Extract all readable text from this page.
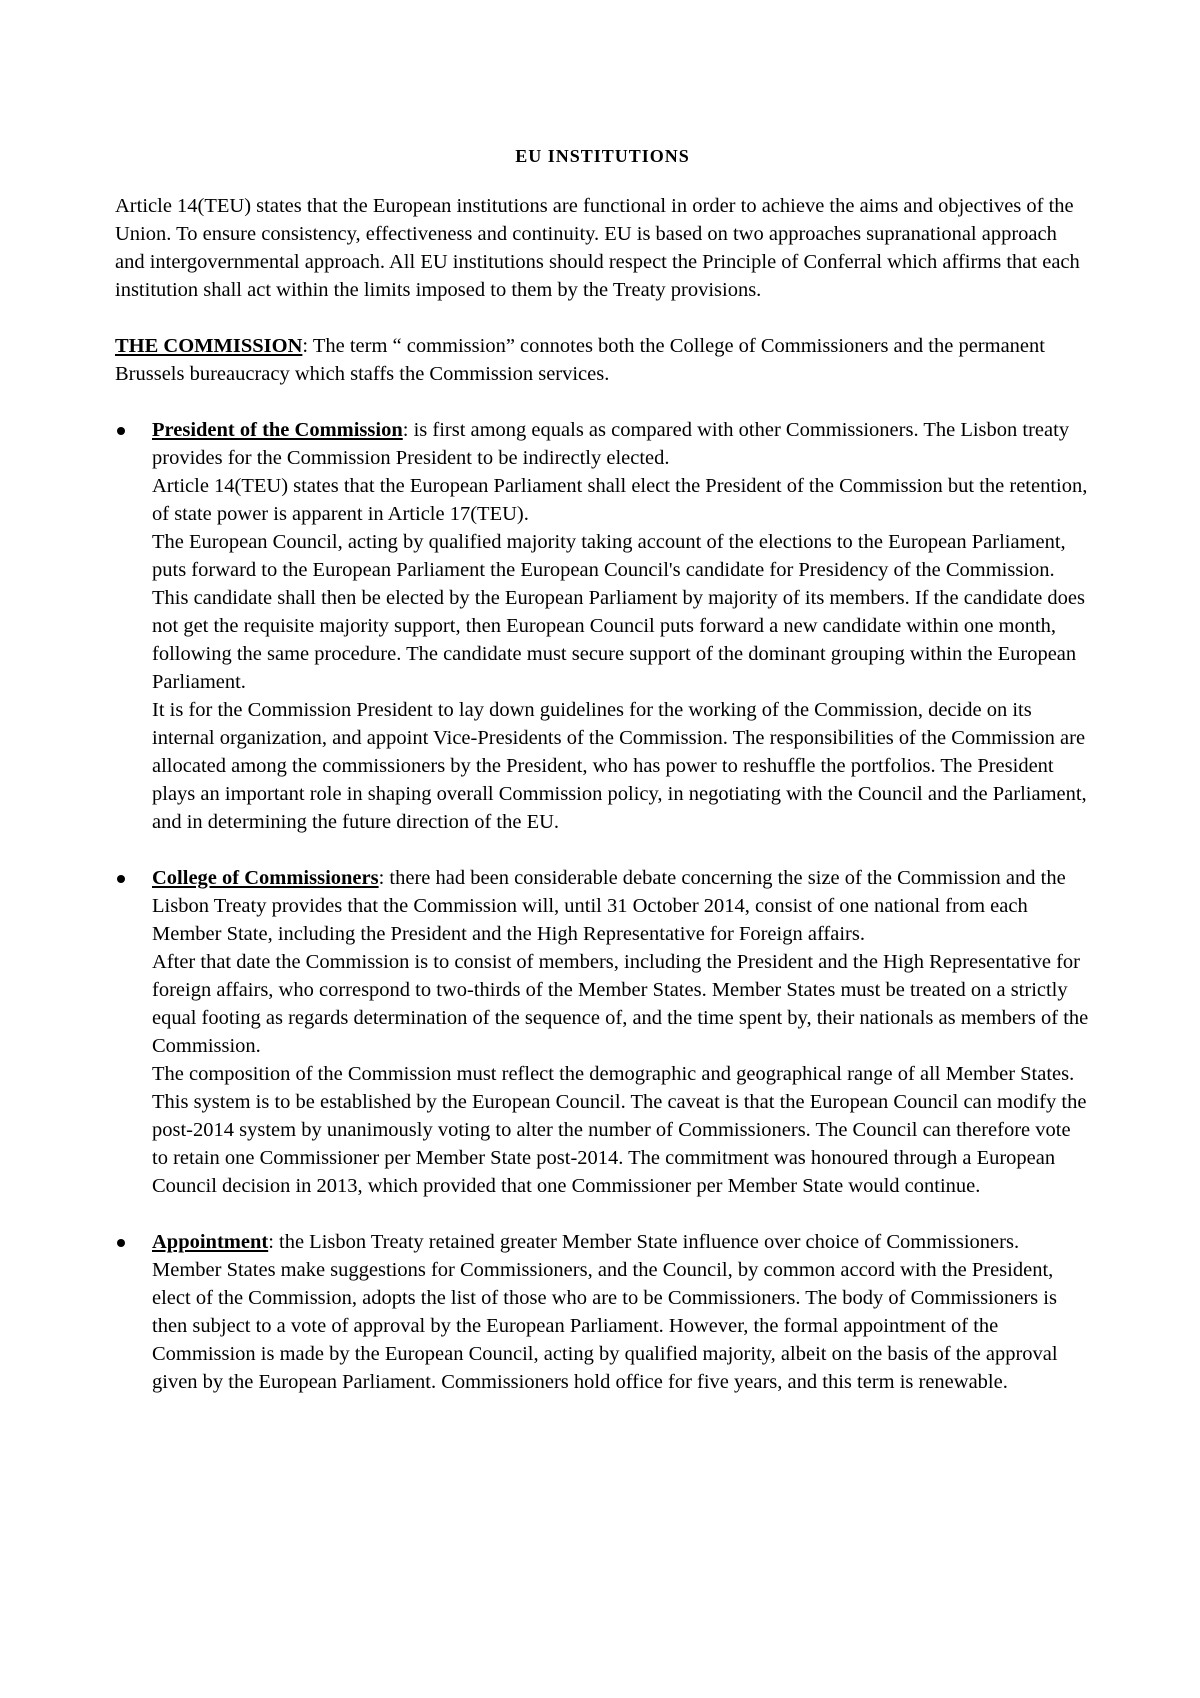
EU INSTITUTIONS

Article 14(TEU) states that the European institutions are functional in order to achieve the aims and objectives of the Union. To ensure consistency, effectiveness and continuity. EU is based on two approaches supranational approach and intergovernmental approach. All EU institutions should respect the Principle of Conferral which affirms that each institution shall act within the limits imposed to them by the Treaty provisions.

THE COMMISSION: The term “ commission” connotes both the College of Commissioners and the permanent Brussels bureaucracy which staffs the Commission services.

President of the Commission: is first among equals as compared with other Commissioners. The Lisbon treaty provides for the Commission President to be indirectly elected.

Article 14(TEU) states that the European Parliament shall elect the President of the Commission but the retention, of state power is apparent in Article 17(TEU).

The European Council, acting by qualified majority taking account of the elections to the European Parliament, puts forward to the European Parliament the European Council's candidate for Presidency of the Commission. This candidate shall then be elected by the European Parliament by majority of its members. If the candidate does not get the requisite majority support, then European Council puts forward a new candidate within one month, following the same procedure. The candidate must secure support of the dominant grouping within the European Parliament.

It is for the Commission President to lay down guidelines for the working of the Commission, decide on its internal organization, and appoint Vice-Presidents of the Commission. The responsibilities of the Commission are allocated among the commissioners by the President, who has power to reshuffle the portfolios. The President plays an important role in shaping overall Commission policy, in negotiating with the Council and the Parliament, and in determining the future direction of the EU.

College of Commissioners: there had been considerable debate concerning the size of the Commission and the Lisbon Treaty provides that the Commission will, until 31 October 2014, consist of one national from each Member State, including the President and the High Representative for Foreign affairs.

After that date the Commission is to consist of members, including the President and the High Representative for foreign affairs, who correspond to two-thirds of the Member States. Member States must be treated on a strictly equal footing as regards determination of the sequence of, and the time spent by, their nationals as members of the Commission.

The composition of the Commission must reflect the demographic and geographical range of all Member States. This system is to be established by the European Council. The caveat is that the European Council can modify the post-2014 system by unanimously voting to alter the number of Commissioners. The Council can therefore vote to retain one Commissioner per Member State post-2014. The commitment was honoured through a European Council decision in 2013, which provided that one Commissioner per Member State would continue.

Appointment: the Lisbon Treaty retained greater Member State influence over choice of Commissioners. Member States make suggestions for Commissioners, and the Council, by common accord with the President, elect of the Commission, adopts the list of those who are to be Commissioners. The body of Commissioners is then subject to a vote of approval by the European Parliament. However, the formal appointment of the Commission is made by the European Council, acting by qualified majority, albeit on the basis of the approval given by the European Parliament. Commissioners hold office for five years, and this term is renewable.
